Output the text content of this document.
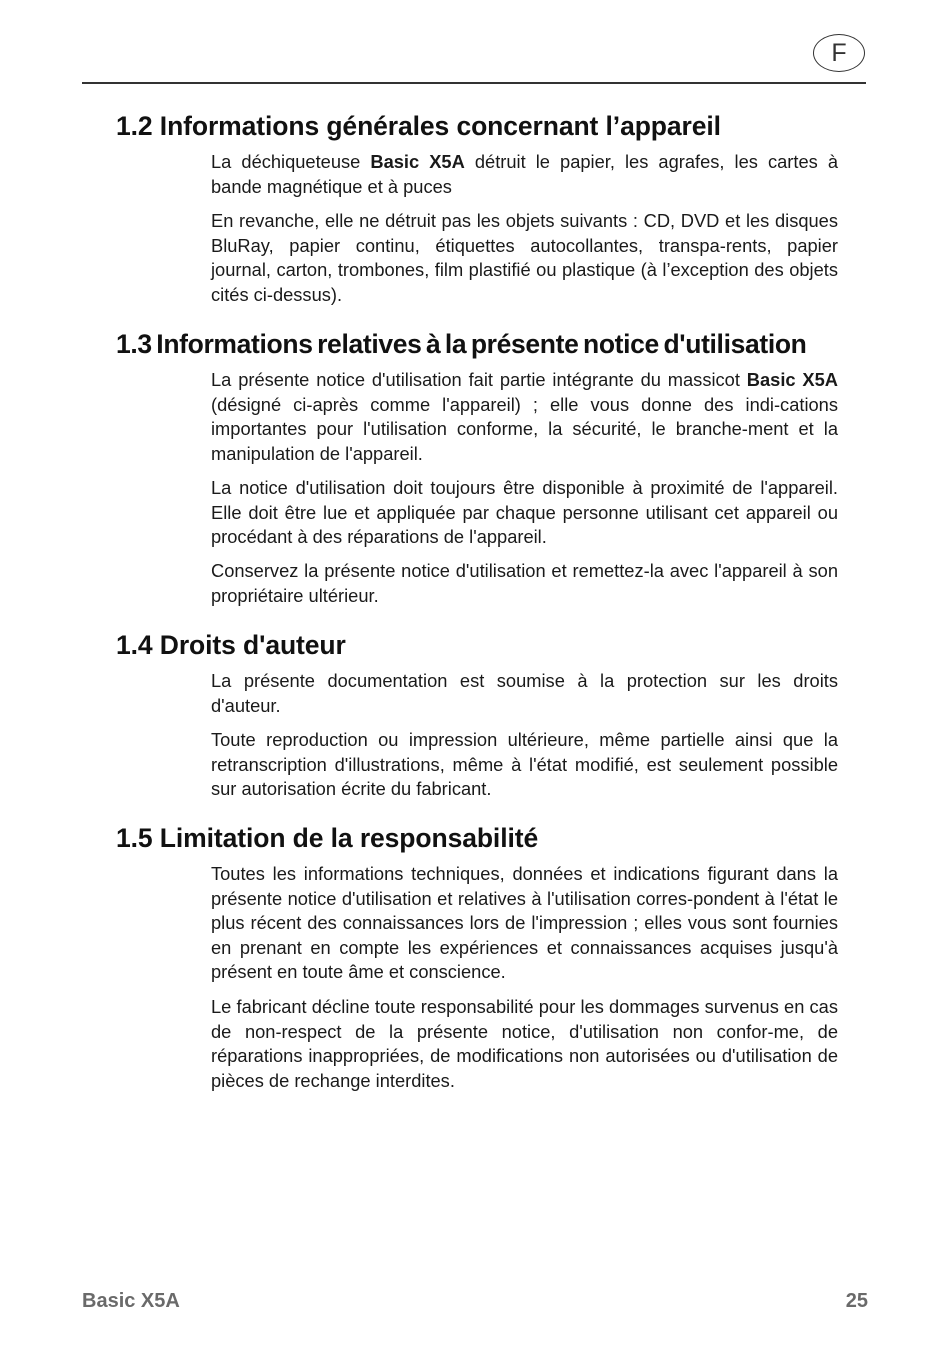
F
1.2 Informations générales concernant l’appareil

La déchiqueteuse Basic X5A détruit le papier, les agrafes, les cartes à bande magnétique et à puces

En revanche, elle ne détruit pas les objets suivants : CD, DVD et les disques BluRay, papier continu, étiquettes autocollantes, transpa-rents, papier journal, carton, trombones, film plastifié ou plastique (à l’exception des objets cités ci-dessus).

1.3 Informations relatives à la présente notice d'utilisation

La présente notice d'utilisation fait partie intégrante du massicot Basic X5A (désigné ci-après comme l'appareil) ; elle vous donne des indi-cations importantes pour l'utilisation conforme, la sécurité, le branche-ment et la manipulation de l'appareil.

La notice d'utilisation doit toujours être disponible à proximité de l'appareil. Elle doit être lue et appliquée par chaque personne utilisant cet appareil ou procédant à des réparations de l'appareil.

Conservez la présente notice d'utilisation et remettez-la avec l'appareil à son propriétaire ultérieur.

1.4 Droits d'auteur

La présente documentation est soumise à la protection sur les droits d'auteur.

Toute reproduction ou impression ultérieure, même partielle ainsi que la retranscription d'illustrations, même à l'état modifié, est seulement possible sur autorisation écrite du fabricant.

1.5 Limitation de la responsabilité

Toutes les informations techniques, données et indications figurant dans la présente notice d'utilisation et relatives à l'utilisation corres-pondent à l'état le plus récent des connaissances lors de l'impression ; elles vous sont fournies en prenant en compte les expériences et connaissances acquises jusqu'à présent en toute âme et conscience.

Le fabricant décline toute responsabilité pour les dommages survenus en cas de non-respect de la présente notice, d'utilisation non confor-me, de réparations inappropriées, de modifications non autorisées ou d'utilisation de pièces de rechange interdites.

Basic X5A	25
